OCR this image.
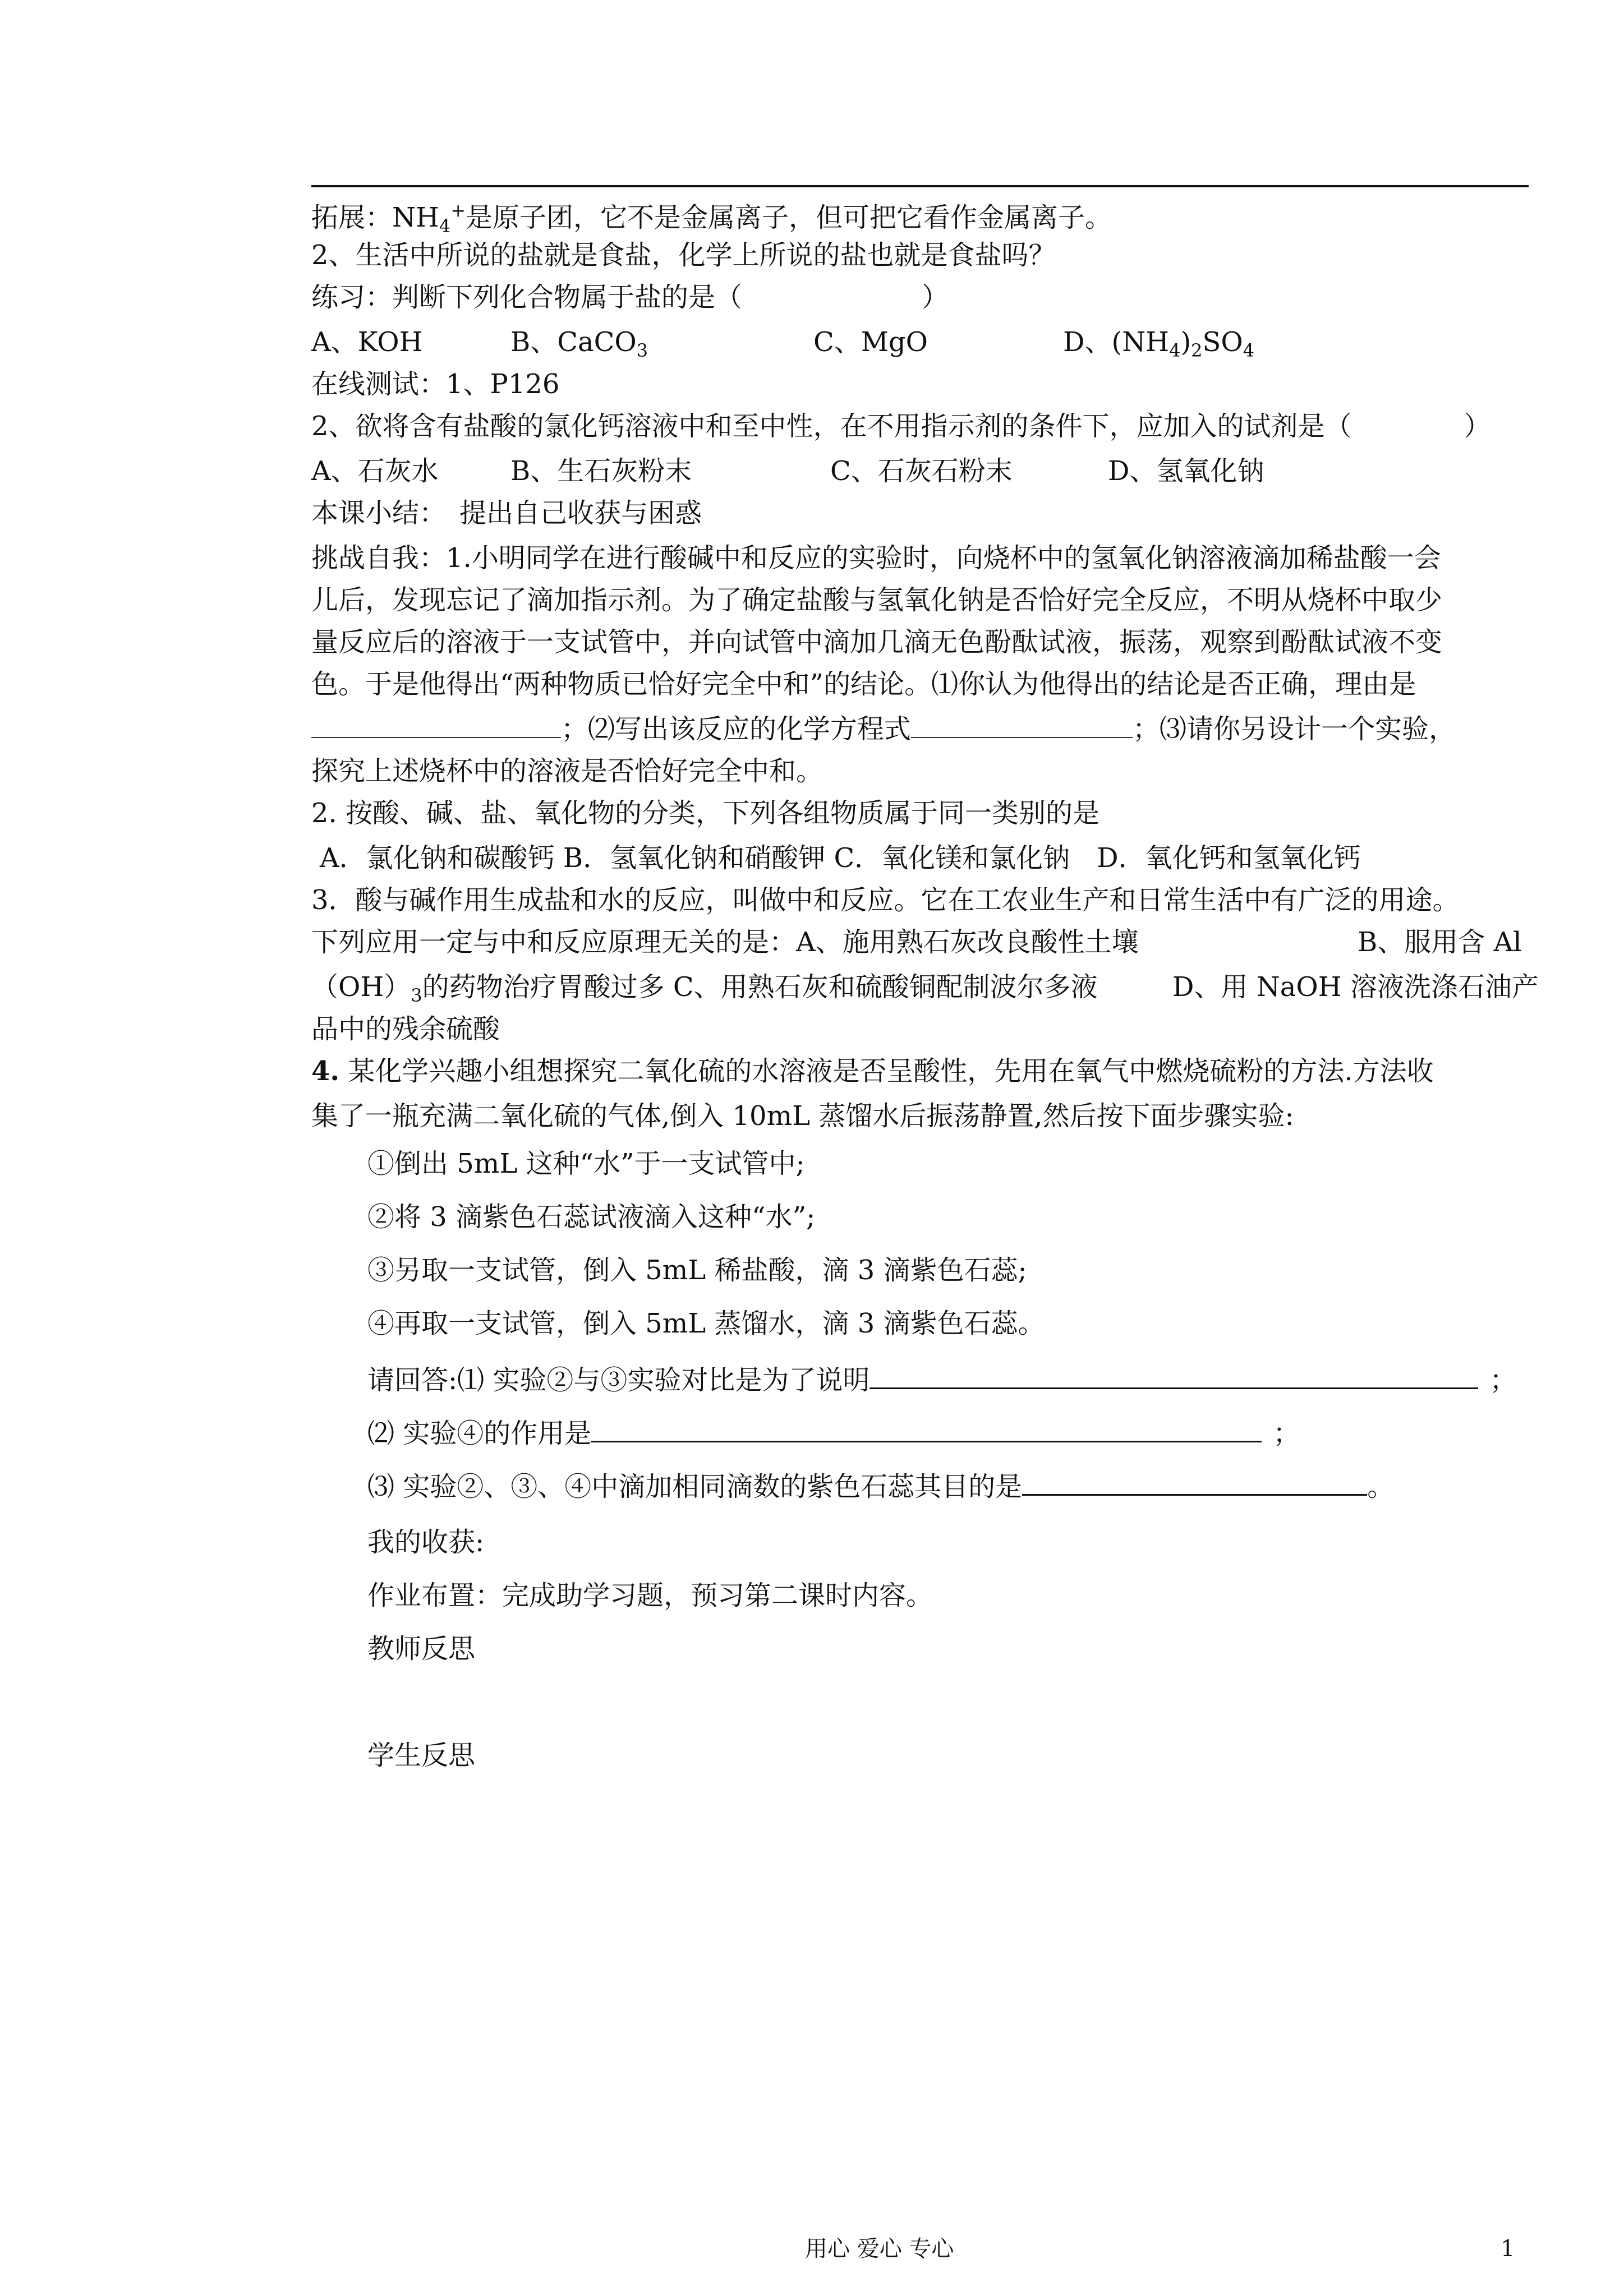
拓展：$NH_4^+$是原子团，它不是金属离子，但可把它看作金属离子。
2、生活中所说的盐就是食盐，化学上所说的盐也就是食盐吗？
练习：判断下列化合物属于盐的是（	）
A、KOH	B、CaCO$_3$	C、MgO	D、$(NH_4)_2SO_4$
在线测试：1、P126
2、欲将含有盐酸的氯化钙溶液中和至中性，在不用指示剂的条件下，应加入的试剂是（	）
A、石灰水	B、生石灰粉末	C、石灰石粉末	D、氢氧化钠
本课小结：　提出自己收获与困惑
挑战自我：1.小明同学在进行酸碱中和反应的实验时，向烧杯中的氢氧化钠溶液滴加稀盐酸一会
儿后，发现忘记了滴加指示剂。为了确定盐酸与氢氧化钠是否恰好完全反应，不明从烧杯中取少
量反应后的溶液于一支试管中，并向试管中滴加几滴无色酚酞试液，振荡，观察到酚酞试液不变
色。于是他得出“两种物质已恰好完全中和”的结论。⑴你认为他得出的结论是否正确，理由是
；⑵写出该反应的化学方程式	；⑶请你另设计一个实验，
探究上述烧杯中的溶液是否恰好完全中和。
2. 按酸、碱、盐、氧化物的分类，下列各组物质属于同一类别的是
A．氯化钠和碳酸钙 B．氢氧化钠和硝酸钾 C．氧化镁和氯化钠　D．氧化钙和氢氧化钙
3．酸与碱作用生成盐和水的反应，叫做中和反应。它在工农业生产和日常生活中有广泛的用途。
下列应用一定与中和反应原理无关的是：A、施用熟石灰改良酸性土壤	B、服用含 Al
$(OH)_3$的药物治疗胃酸过多 C、用熟石灰和硫酸铜配制波尔多液	D、用 NaOH 溶液洗涤石油产
品中的残余硫酸
4. 某化学兴趣小组想探究二氧化硫的水溶液是否呈酸性，先用在氧气中燃烧硫粉的方法.方法收
集了一瓶充满二氧化硫的气体,倒入 10mL 蒸馏水后振荡静置,然后按下面步骤实验:
①倒出 5mL 这种“水”于一支试管中;
②将 3 滴紫色石蕊试液滴入这种“水”;
③另取一支试管，倒入 5mL 稀盐酸，滴 3 滴紫色石蕊;
④再取一支试管，倒入 5mL 蒸馏水，滴 3 滴紫色石蕊。
请回答:⑴ 实验②与③实验对比是为了说明	；
⑵ 实验④的作用是	；
⑶ 实验②、③、④中滴加相同滴数的紫色石蕊其目的是	。
我的收获:
作业布置：完成助学习题，预习第二课时内容。
教师反思
学生反思
用心 爱心 专心	1
